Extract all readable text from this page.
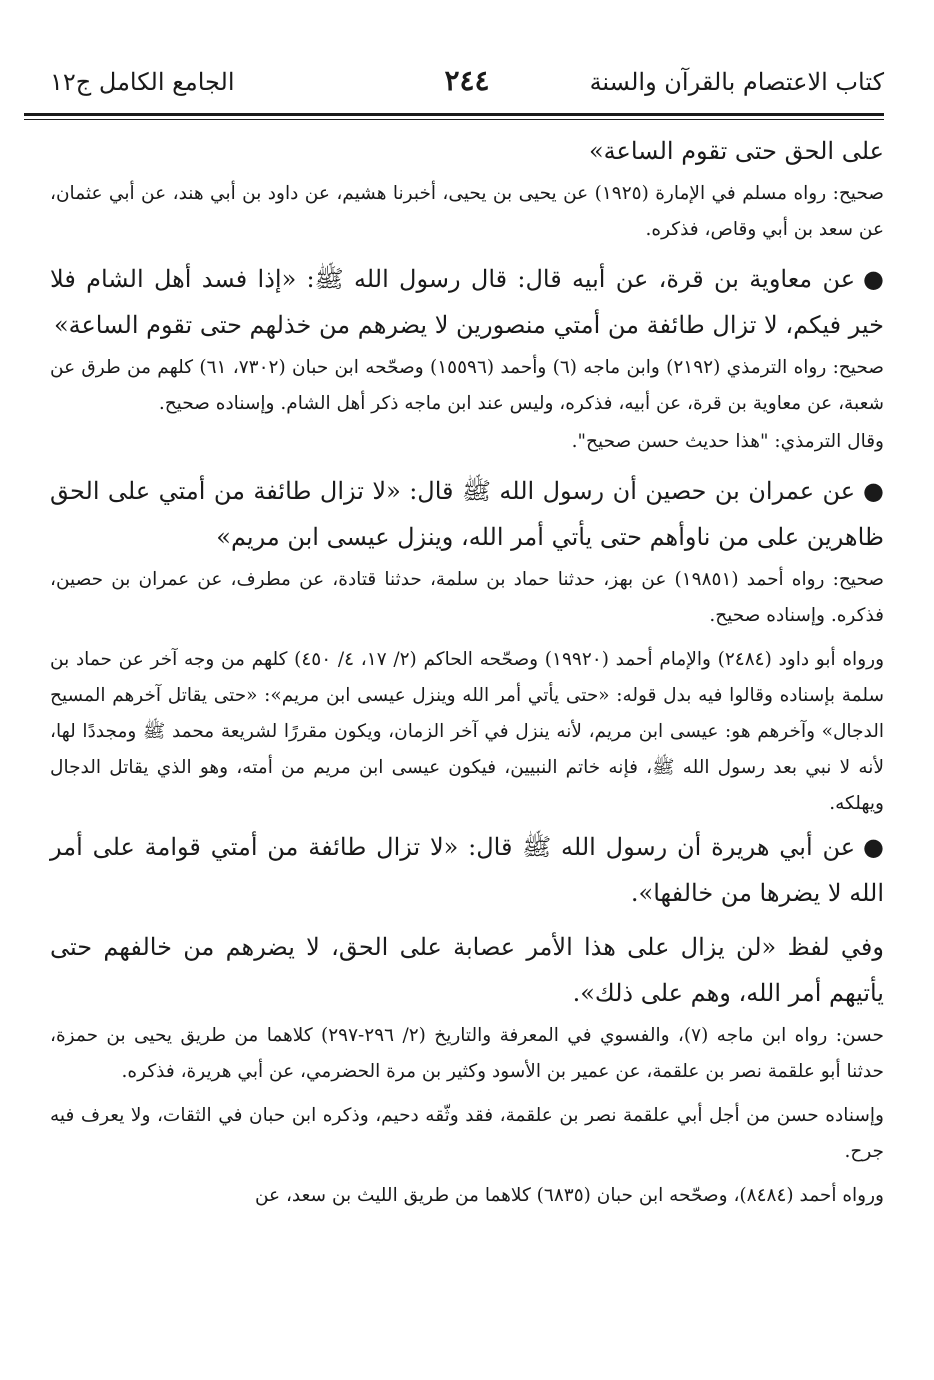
كتاب الاعتصام بالقرآن والسنة
٢٤٤
الجامع الكامل ج١٢

على الحق حتى تقوم الساعة»

صحيح: رواه مسلم في الإمارة (١٩٢٥) عن يحيى بن يحيى، أخبرنا هشيم، عن داود بن أبي هند، عن أبي عثمان، عن سعد بن أبي وقاص، فذكره.

●عن معاوية بن قرة، عن أبيه قال: قال رسول الله ﷺ: «إذا فسد أهل الشام فلا خير فيكم، لا تزال طائفة من أمتي منصورين لا يضرهم من خذلهم حتى تقوم الساعة»

صحيح: رواه الترمذي (٢١٩٢) وابن ماجه (٦) وأحمد (١٥٥٩٦) وصحّحه ابن حبان (٧٣٠٢، ٦١) كلهم من طرق عن شعبة، عن معاوية بن قرة، عن أبيه، فذكره، وليس عند ابن ماجه ذكر أهل الشام. وإسناده صحيح.

وقال الترمذي: "هذا حديث حسن صحيح".

●عن عمران بن حصين أن رسول الله ﷺ قال: «لا تزال طائفة من أمتي على الحق ظاهرين على من ناوأهم حتى يأتي أمر الله، وينزل عيسى ابن مريم»

صحيح: رواه أحمد (١٩٨٥١) عن بهز، حدثنا حماد بن سلمة، حدثنا قتادة، عن مطرف، عن عمران بن حصين، فذكره. وإسناده صحيح.

ورواه أبو داود (٢٤٨٤) والإمام أحمد (١٩٩٢٠) وصحّحه الحاكم (٢/ ١٧، ٤/ ٤٥٠) كلهم من وجه آخر عن حماد بن سلمة بإسناده وقالوا فيه بدل قوله: «حتى يأتي أمر الله وينزل عيسى ابن مريم»: «حتى يقاتل آخرهم المسيح الدجال» وآخرهم هو: عيسى ابن مريم، لأنه ينزل في آخر الزمان، ويكون مقررًا لشريعة محمد ﷺ ومجددًا لها، لأنه لا نبي بعد رسول الله ﷺ، فإنه خاتم النبيين، فيكون عيسى ابن مريم من أمته، وهو الذي يقاتل الدجال ويهلكه.

●عن أبي هريرة أن رسول الله ﷺ قال: «لا تزال طائفة من أمتي قوامة على أمر الله لا يضرها من خالفها».

وفي لفظ «لن يزال على هذا الأمر عصابة على الحق، لا يضرهم من خالفهم حتى يأتيهم أمر الله، وهم على ذلك».

حسن: رواه ابن ماجه (٧)، والفسوي في المعرفة والتاريخ (٢/ ٢٩٦-٢٩٧) كلاهما من طريق يحيى بن حمزة، حدثنا أبو علقمة نصر بن علقمة، عن عمير بن الأسود وكثير بن مرة الحضرمي، عن أبي هريرة، فذكره.

وإسناده حسن من أجل أبي علقمة نصر بن علقمة، فقد وثّقه دحيم، وذكره ابن حبان في الثقات، ولا يعرف فيه جرح.

ورواه أحمد (٨٤٨٤)، وصحّحه ابن حبان (٦٨٣٥) كلاهما من طريق الليث بن سعد، عن
